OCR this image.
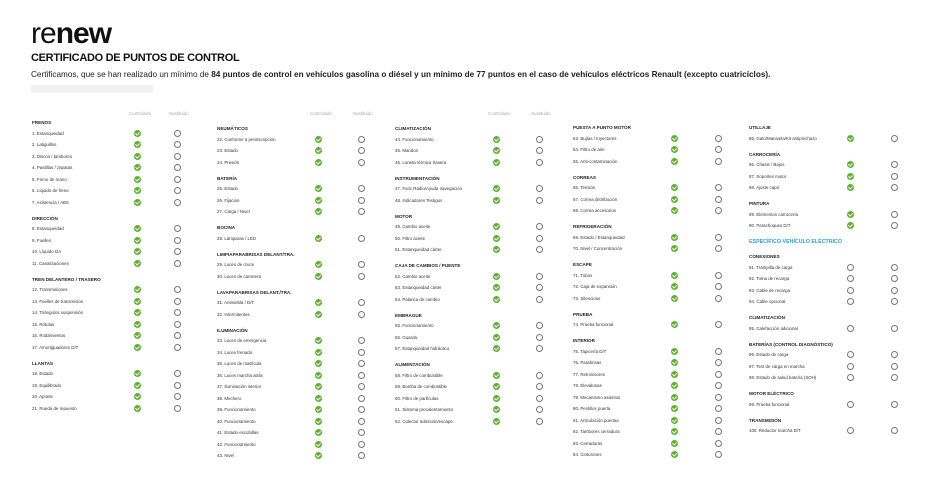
renew
CERTIFICADO DE PUNTOS DE CONTROL
Certificamos, que se han realizado un mínimo de 84 puntos de control en vehículos gasolina o diésel y un mínimo de 77 puntos en el caso de vehículos eléctricos Renault (excepto cuatricíclos).
Controlado	Sustituido
FRENOS
1. Estanqueidad
2. Latiguillos
3. Discos / tambores
4. Pastillas / zapatas
5. Freno de mano
6. Líquido de freno
7. Asistencia / ABS
DIRECCIÓN
8. Estanqueidad
9. Fuelles
10. Líquido DA
11. Canalizaciones
TREN DELANTERO / TRASERO
12. Transmisiones
13. Fuelles de transmisión
14. Triángulos suspensión
15. Rótulas
16. Rodamientos
17. Amortiguadores D/T
LLANTAS
18. Estado
19. Equilibrado
20. Apriete
21. Rueda de repuesto
Controlado	Sustituido
NEUMÁTICOS
22. Conforme a preinscripción
23. Estado
24. Presión
BATERÍA
25. Estado
26. Fijación
27. Carga / Nivel
BOCINA
28. Lámparas / LED
LIMPIAPARABRISAS DELANT/TRA.
29. Luces de cruce
30. Luces de carretera
LAVAPARABRISAS DELANT./TRA.
31. Antiniebla / D/T
32. Intermitentes
ILUMINACIÓN
33. Luces de emergencia
34. Luces frenado
35. Luces de matrícula
36. Luces marcha atrás
37. Iluminación interior
38. Mechero
39. Funcionamiento
40. Funcionamiento
41. Estado escobillas
42. Funcionamiento
43. Nivel
Controlado	Sustituido
CLIMATIZACIÓN
44. Funcionamiento
45. Mandos
46. Luneta térmica trasera
INSTRUMENTACIÓN
47. Func.Radio/Ayuda navegación
48. Indicadores Testigos
MOTOR
49. Cambio aceite
50. Filtro aceite
51. Estanqueidad cárter
CAJA DE CAMBIOS / PUENTE
52. Cambio aceite
53. Estanqueidad cárter
54. Palanca de cambio
EMBRAGUE
55. Funcionamiento
56. Guarda
57. Estanqueidad hidráulico
ALIMENTACIÓN
58. Filtro de combustible
59. Bomba de combustible
60. Filtro de partículas
61. Sistema precalentamiento
62. Colector admisión/escape
PUESTA A PUNTO MOTOR
63. Bujías / Inyectores
64. Filtro de aire
65. Anti-contaminación
CORREAS
66. Tensión
67. Correa distribución
68. Correa accesorios
REFRIGERACIÓN
69. Estado / Estanqueidad
70. Nivel / Concentración
ESCAPE
71. Tubos
72. Caja de expansión
73. Silencioso
PRUEBA
74. Prueba funcional
INTERIOR
75. Tapicería D/T
76. Parabrisas
77. Retrovisores
78. Elevalunas
79. Mecanismo asientos
80. Pestillos puerta
81. Articulación puertas
82. Tambores cerradura
83. Cerraduras
84. Cinturones
UTILLAJE
85. Gato/Manivela/Kit antipinchazo
CARROCERÍA
86. Chasis / Bajos
87. Soportes motor
88. Ajuste capó
PINTURA
89. Elementos carrocería
90. Parachoques D/T
ESPECÍFICO VEHÍCULO ELÉCTRICO
CONEXIONES
91. Trampilla de carga
92. Toma de recarga
93. Cable de recarga
94. Cable opcional
CLIMATIZACIÓN
95. Calefacción adicional
BATERÍAS (CONTROL DIAGNÓSTICO)
96. Estado de carga
97. Test de carga en marcha
98. Estado de salud batería (SOH)
MOTOR ELÉCTRICO
99. Prueba funcional
TRANSMISIÓN
100. Reductor marcha D/T
